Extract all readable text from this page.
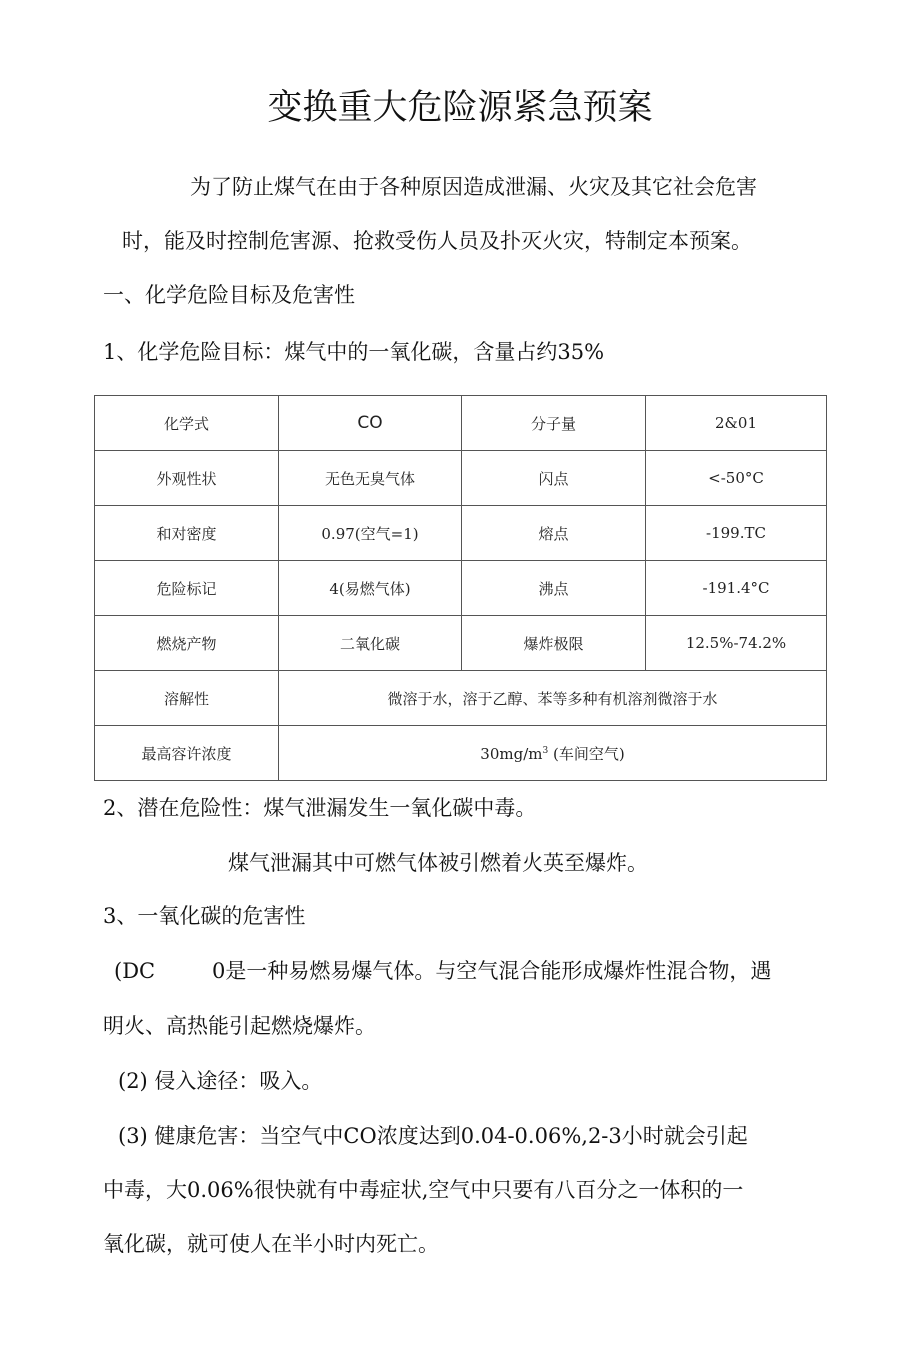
变换重大危险源紧急预案
为了防止煤气在由于各种原因造成泄漏、火灾及其它社会危害
时，能及时控制危害源、抢救受伤人员及扑灭火灾，特制定本预案。
一、化学危险目标及危害性
1、化学危险目标：煤气中的一氧化碳，含量占约35%
化学式	CO	分子量	2&01
外观性状	无色无臭气体	闪点	<-50°C
和对密度	0.97(空气=1)	熔点	-199.TC
危险标记	4(易燃气体)	沸点	-191.4°C
燃烧产物	二氧化碳	爆炸极限	12.5%-74.2%
溶解性	微溶于水，溶于乙醇、苯等多种有机溶剂微溶于水		
最高容许浓度	$30mg/m^3$ (车间空气)		
2、潜在危险性：煤气泄漏发生一氧化碳中毒。
煤气泄漏其中可燃气体被引燃着火英至爆炸。
3、一氧化碳的危害性
(DC	0是一种易燃易爆气体。与空气混合能形成爆炸性混合物，遇
明火、高热能引起燃烧爆炸。
(2) 侵入途径：吸入。
(3) 健康危害：当空气中CO浓度达到0.04-0.06%,2-3小时就会引起
中毒，大0.06%很快就有中毒症状,空气中只要有八百分之一体积的一
氧化碳，就可使人在半小时内死亡。
